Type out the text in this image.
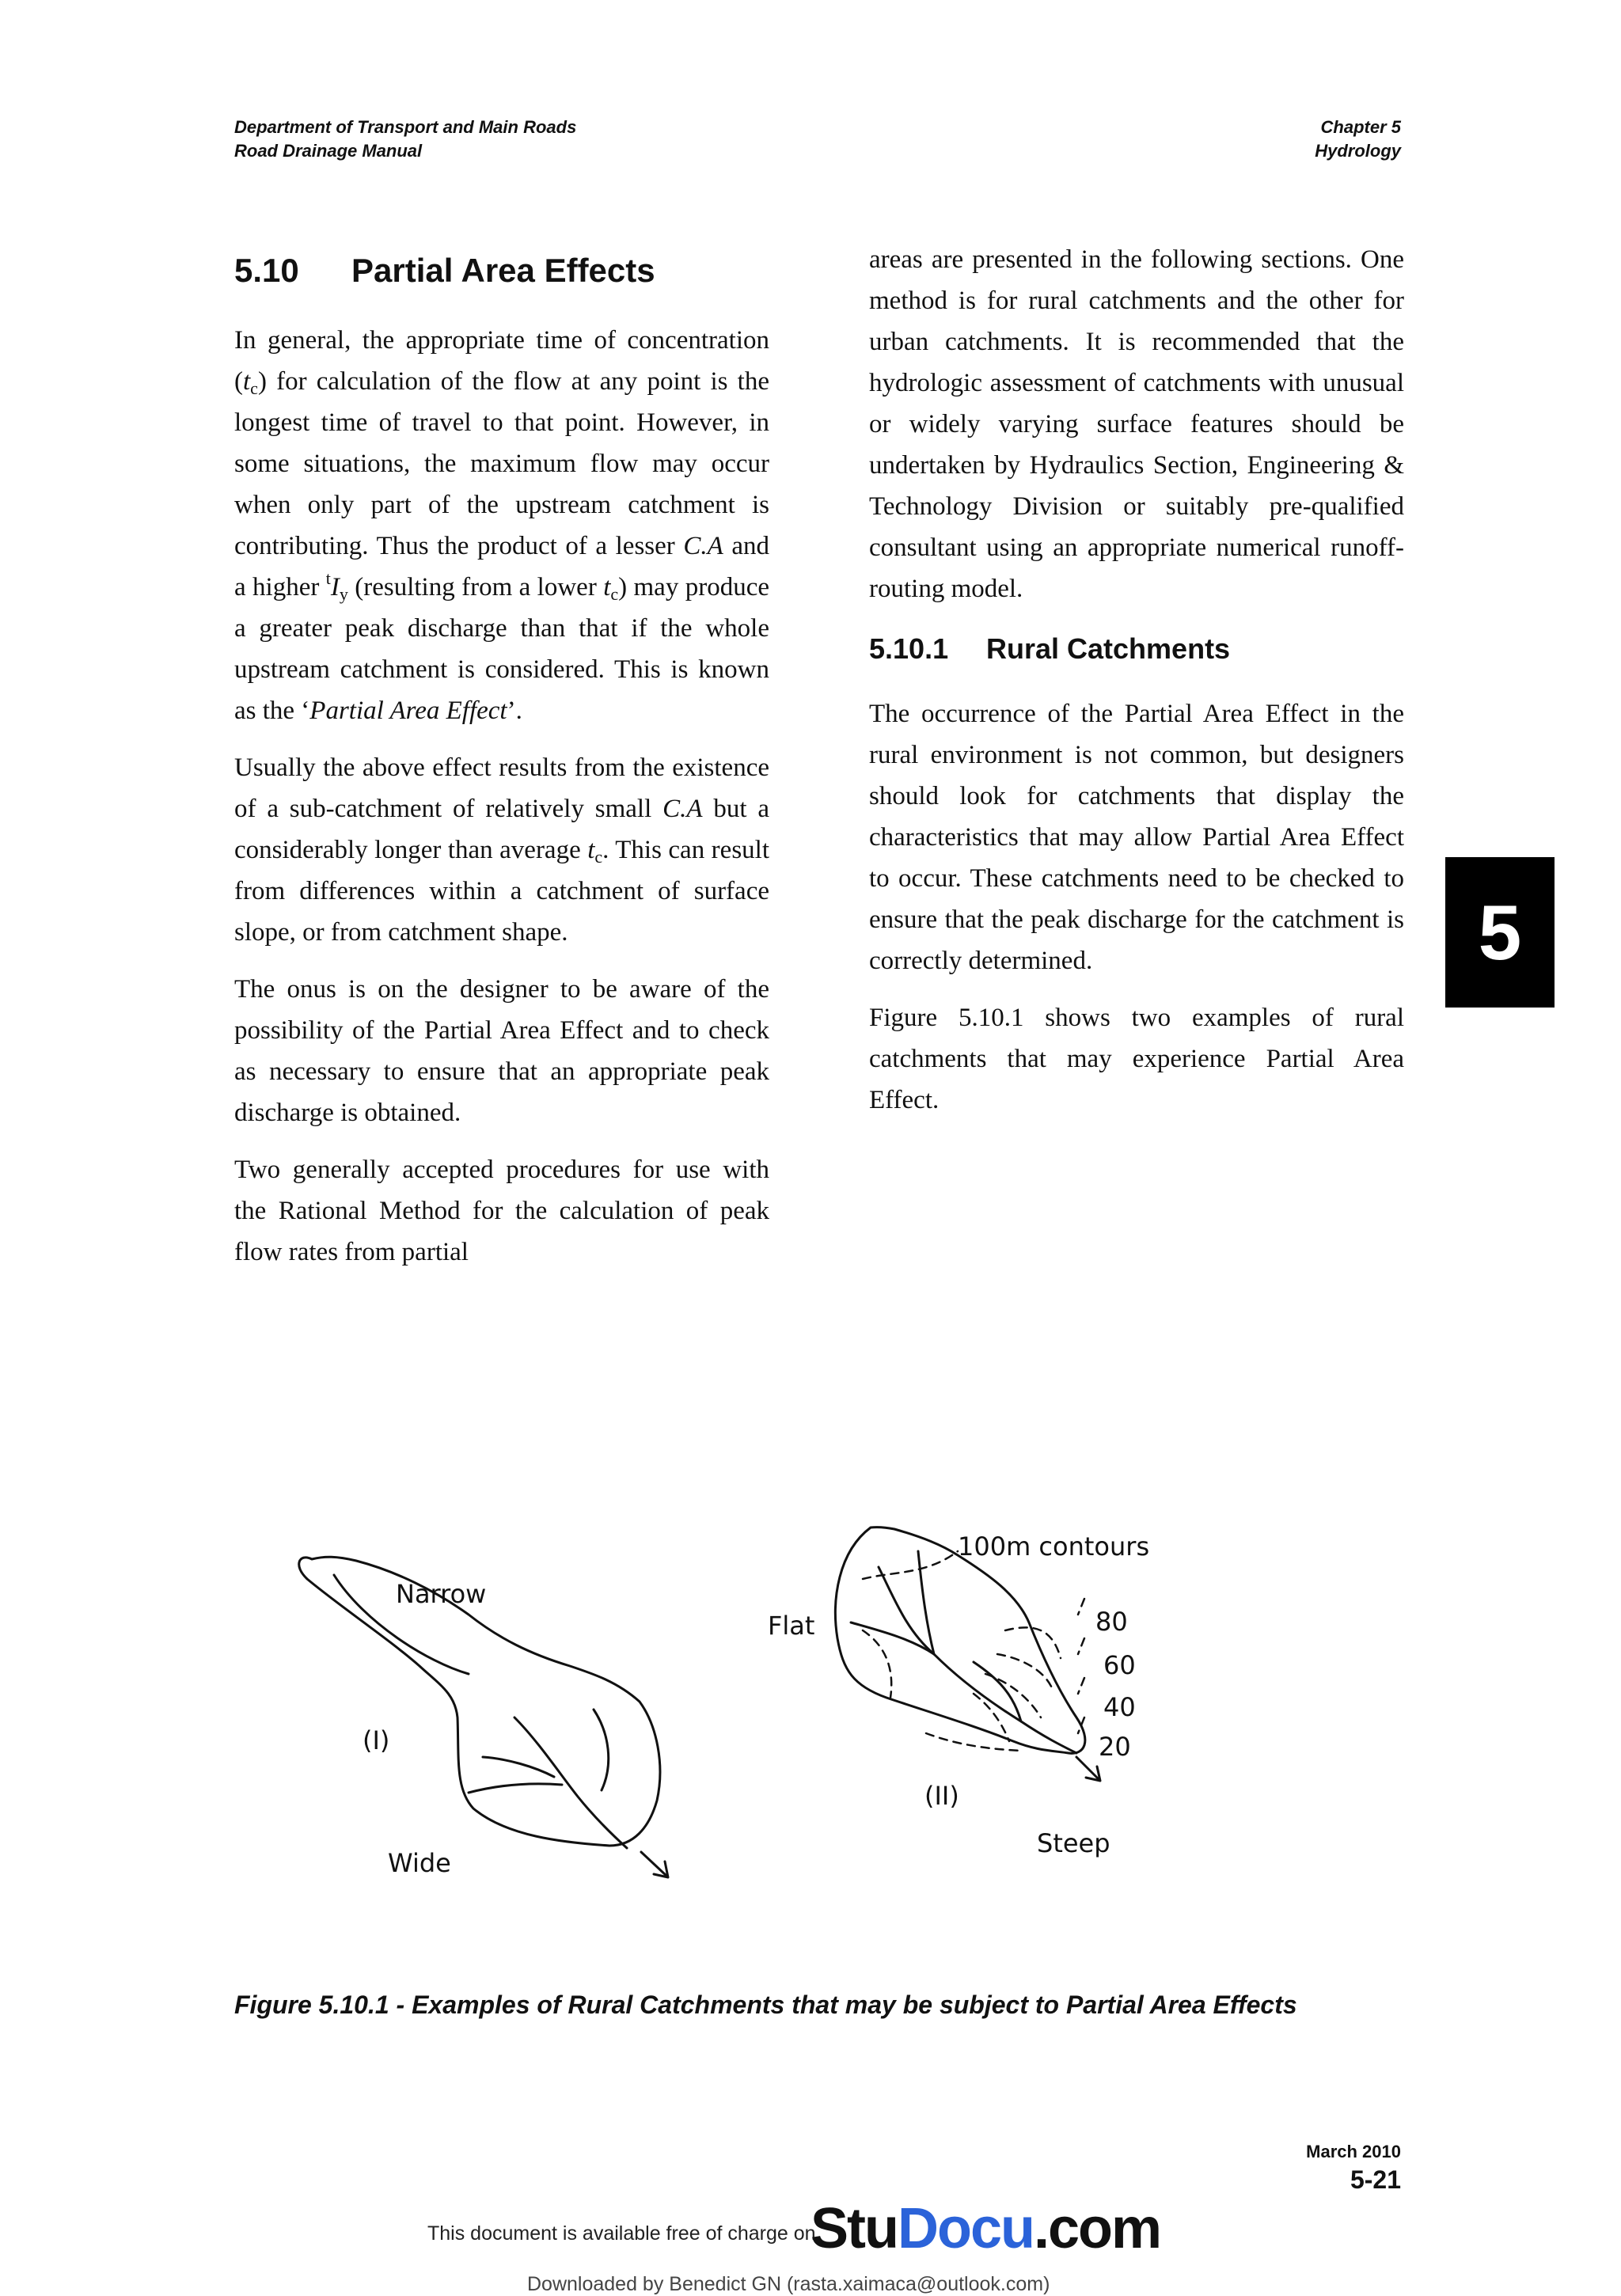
Department of Transport and Main Roads
Road Drainage Manual
Chapter 5
Hydrology
5.10 Partial Area Effects

In general, the appropriate time of concentration $(t_c)$ for calculation of the flow at any point is the longest time of travel to that point. However, in some situations, the maximum flow may occur when only part of the upstream catchment is contributing. Thus the product of a lesser C.A and a higher $^tI_y$ (resulting from a lower $t_c$) may produce a greater peak discharge than that if the whole upstream catchment is considered. This is known as the ‘Partial Area Effect’.

Usually the above effect results from the existence of a sub-catchment of relatively small C.A but a considerably longer than average $t_c$. This can result from differences within a catchment of surface slope, or from catchment shape.

The onus is on the designer to be aware of the possibility of the Partial Area Effect and to check as necessary to ensure that an appropriate peak discharge is obtained.

Two generally accepted procedures for use with the Rational Method for the calculation of peak flow rates from partial

areas are presented in the following sections. One method is for rural catchments and the other for urban catchments. It is recommended that the hydrologic assessment of catchments with unusual or widely varying surface features should be undertaken by Hydraulics Section, Engineering & Technology Division or suitably pre-qualified consultant using an appropriate numerical runoff-routing model.

5.10.1 Rural Catchments

The occurrence of the Partial Area Effect in the rural environment is not common, but designers should look for catchments that display the characteristics that may allow Partial Area Effect to occur. These catchments need to be checked to ensure that the peak discharge for the catchment is correctly determined.

Figure 5.10.1 shows two examples of rural catchments that may experience Partial Area Effect.

5
Narrow
(I)
Wide
100m contours
Flat	80
60
40
20
(II)
Steep
Figure 5.10.1 - Examples of Rural Catchments that may be subject to Partial Area Effects
March 2010
5-21
This document is available free of charge on
StuDocu.com
Downloaded by Benedict GN (rasta.xaimaca@outlook.com)
